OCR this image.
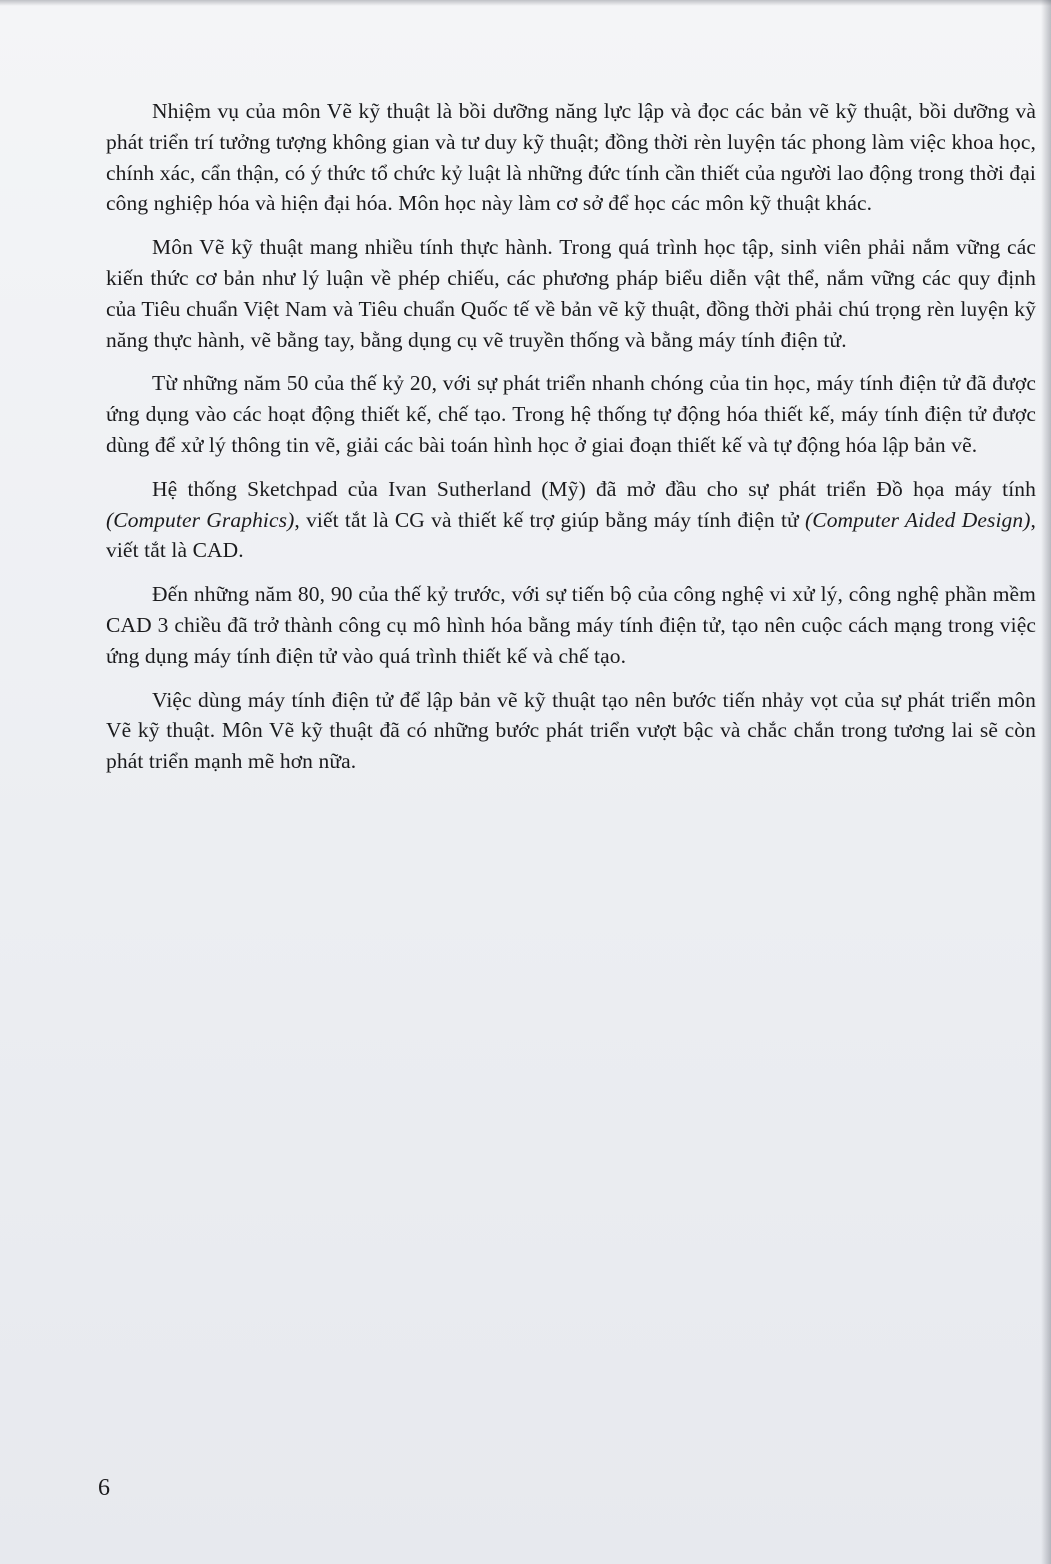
Nhiệm vụ của môn Vẽ kỹ thuật là bồi dưỡng năng lực lập và đọc các bản vẽ kỹ thuật, bồi dưỡng và phát triển trí tưởng tượng không gian và tư duy kỹ thuật; đồng thời rèn luyện tác phong làm việc khoa học, chính xác, cẩn thận, có ý thức tổ chức kỷ luật là những đức tính cần thiết của người lao động trong thời đại công nghiệp hóa và hiện đại hóa. Môn học này làm cơ sở để học các môn kỹ thuật khác.

Môn Vẽ kỹ thuật mang nhiều tính thực hành. Trong quá trình học tập, sinh viên phải nắm vững các kiến thức cơ bản như lý luận về phép chiếu, các phương pháp biểu diễn vật thể, nắm vững các quy định của Tiêu chuẩn Việt Nam và Tiêu chuẩn Quốc tế về bản vẽ kỹ thuật, đồng thời phải chú trọng rèn luyện kỹ năng thực hành, vẽ bằng tay, bằng dụng cụ vẽ truyền thống và bằng máy tính điện tử.

Từ những năm 50 của thế kỷ 20, với sự phát triển nhanh chóng của tin học, máy tính điện tử đã được ứng dụng vào các hoạt động thiết kế, chế tạo. Trong hệ thống tự động hóa thiết kế, máy tính điện tử được dùng để xử lý thông tin vẽ, giải các bài toán hình học ở giai đoạn thiết kế và tự động hóa lập bản vẽ.

Hệ thống Sketchpad của Ivan Sutherland (Mỹ) đã mở đầu cho sự phát triển Đồ họa máy tính (Computer Graphics), viết tắt là CG và thiết kế trợ giúp bằng máy tính điện tử (Computer Aided Design), viết tắt là CAD.

Đến những năm 80, 90 của thế kỷ trước, với sự tiến bộ của công nghệ vi xử lý, công nghệ phần mềm CAD 3 chiều đã trở thành công cụ mô hình hóa bằng máy tính điện tử, tạo nên cuộc cách mạng trong việc ứng dụng máy tính điện tử vào quá trình thiết kế và chế tạo.

Việc dùng máy tính điện tử để lập bản vẽ kỹ thuật tạo nên bước tiến nhảy vọt của sự phát triển môn Vẽ kỹ thuật. Môn Vẽ kỹ thuật đã có những bước phát triển vượt bậc và chắc chắn trong tương lai sẽ còn phát triển mạnh mẽ hơn nữa.

6
